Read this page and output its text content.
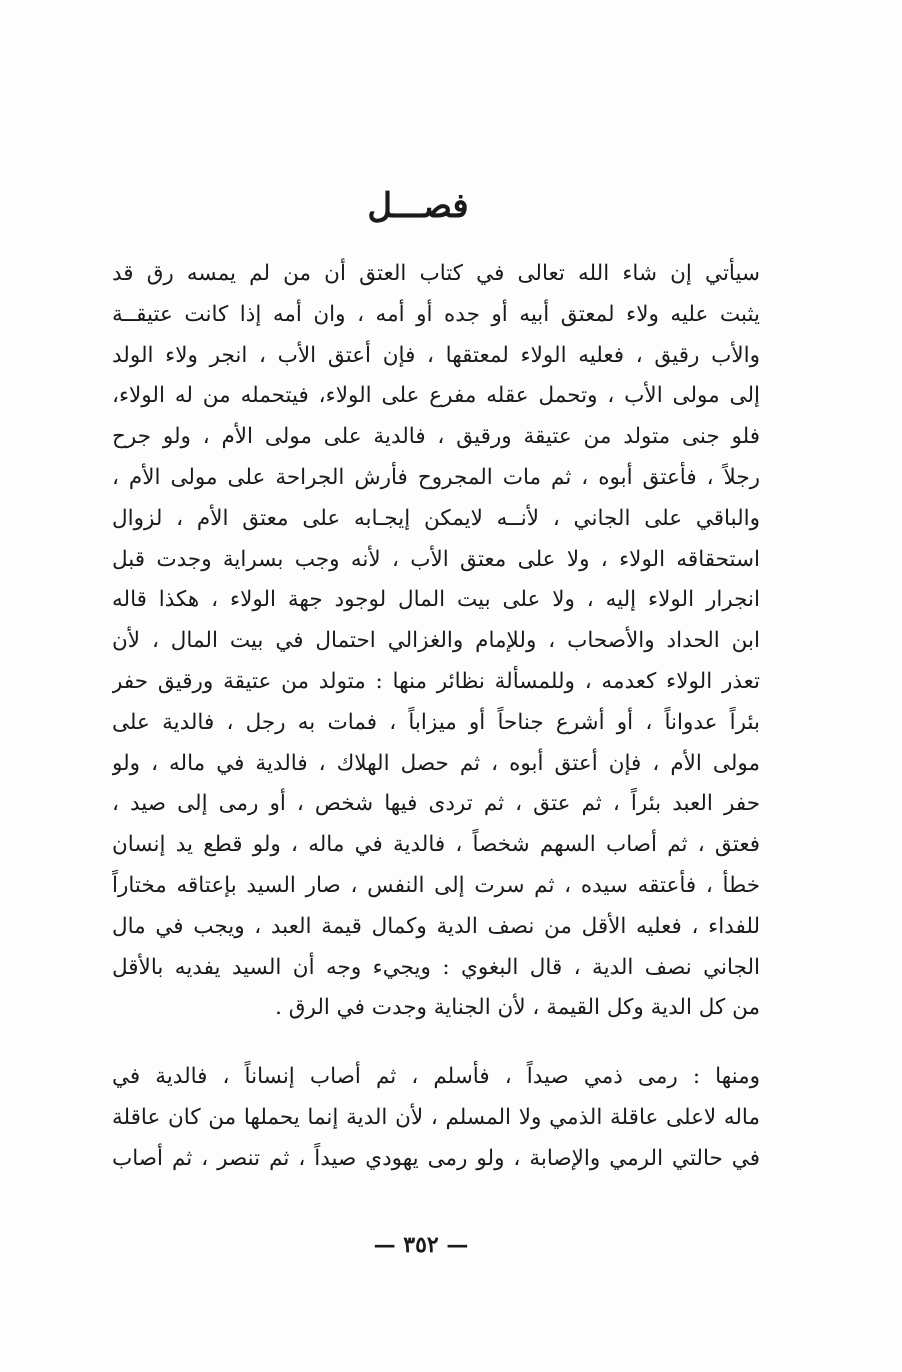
فصـــل
سيأتي إن شاء الله تعالى في كتاب العتق أن من لم يمسه رق قد
يثبت عليه ولاء لمعتق أبيه أو جده أو أمه ، وان أمه إذا كانت عتيقــة
والأب رقيق ، فعليه الولاء لمعتقها ، فإن أعتق الأب ، انجر ولاء الولد
إلى مولى الأب ، وتحمل عقله مفرع على الولاء، فيتحمله من له الولاء،
فلو جنى متولد من عتيقة ورقيق ، فالدية على مولى الأم ، ولو جرح
رجلاً ، فأعتق أبوه ، ثم مات المجروح فأرش الجراحة على مولى الأم ،
والباقي على الجاني ، لأنــه لايمكن إيجـابه على معتق الأم ، لزوال
استحقاقه الولاء ، ولا على معتق الأب ، لأنه وجب بسراية وجدت قبل
انجرار الولاء إليه ، ولا على بيت المال لوجود جهة الولاء ، هكذا قاله
ابن الحداد والأصحاب ، وللإمام والغزالي احتمال في بيت المال ، لأن
تعذر الولاء كعدمه ، وللمسألة نظائر منها : متولد من عتيقة ورقيق حفر
بئراً عدواناً ، أو أشرع جناحاً أو ميزاباً ، فمات به رجل ، فالدية على
مولى الأم ، فإن أعتق أبوه ، ثم حصل الهلاك ، فالدية في ماله ، ولو
حفر العبد بئراً ، ثم عتق ، ثم تردى فيها شخص ، أو رمى إلى صيد ،
فعتق ، ثم أصاب السهم شخصاً ، فالدية في ماله ، ولو قطع يد إنسان
خطأ ، فأعتقه سيده ، ثم سرت إلى النفس ، صار السيد بإعتاقه مختاراً
للفداء ، فعليه الأقل من نصف الدية وكمال قيمة العبد ، ويجب في مال
الجاني نصف الدية ، قال البغوي : ويجيء وجه أن السيد يفديه بالأقل
من كل الدية وكل القيمة ، لأن الجناية وجدت في الرق .
ومنها : رمى ذمي صيداً ، فأسلم ، ثم أصاب إنساناً ، فالدية في
ماله لاعلى عاقلة الذمي ولا المسلم ، لأن الدية إنما يحملها من كان عاقلة
في حالتي الرمي والإصابة ، ولو رمى يهودي صيداً ، ثم تنصر ، ثم أصاب
— ٣٥٢ —
